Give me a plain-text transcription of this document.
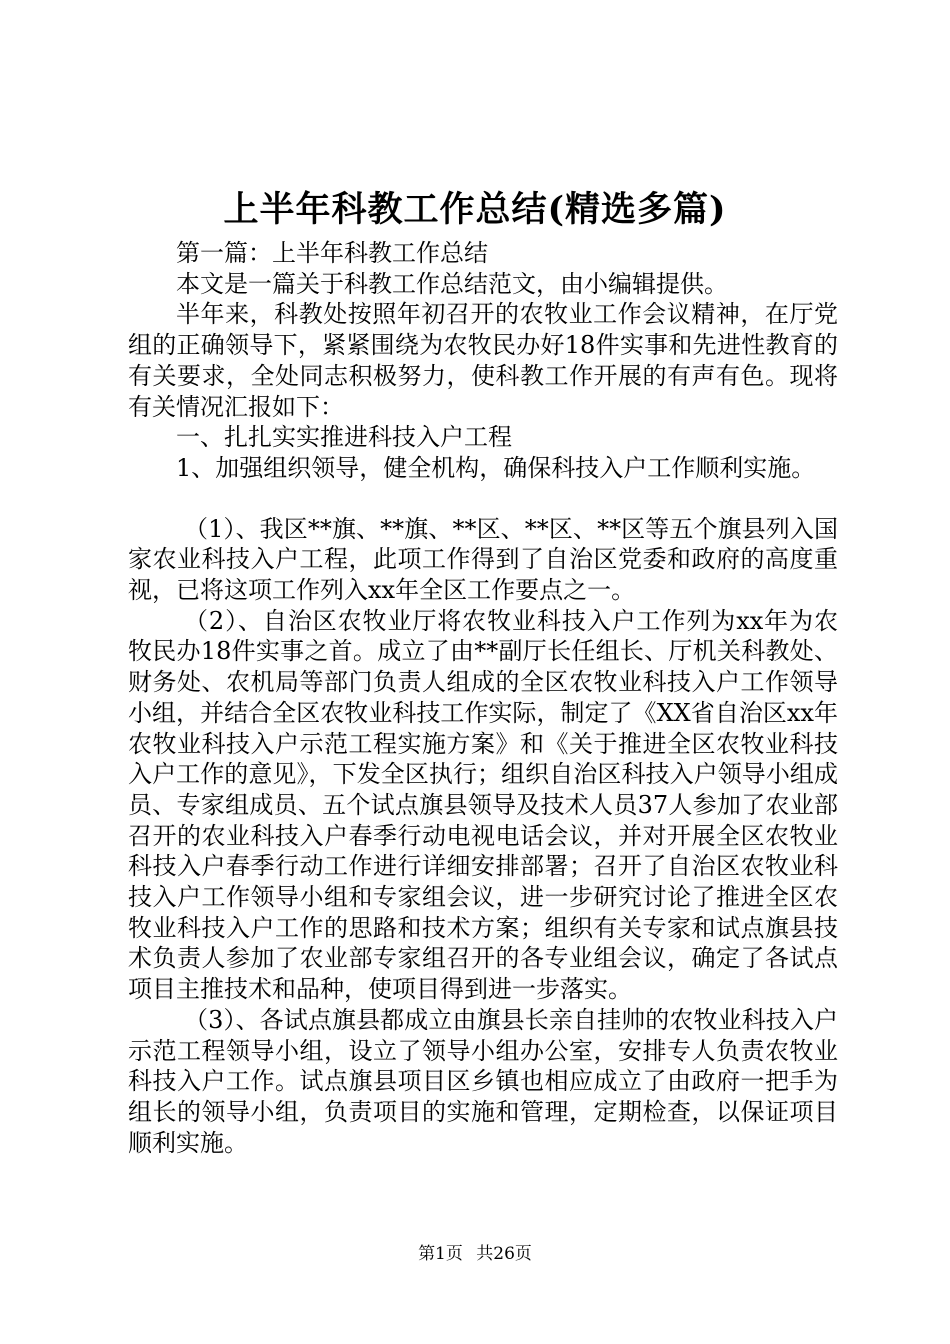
上半年科教工作总结(精选多篇)

第一篇：上半年科教工作总结

本文是一篇关于科教工作总结范文，由小编辑提供。

半年来，科教处按照年初召开的农牧业工作会议精神，在厅党组的正确领导下，紧紧围绕为农牧民办好18件实事和先进性教育的有关要求，全处同志积极努力，使科教工作开展的有声有色。现将有关情况汇报如下：

一、扎扎实实推进科技入户工程

1、加强组织领导，健全机构，确保科技入户工作顺利实施。

（1）、我区**旗、**旗、**区、**区、**区等五个旗县列入国家农业科技入户工程，此项工作得到了自治区党委和政府的高度重视，已将这项工作列入xx年全区工作要点之一。

（2）、自治区农牧业厅将农牧业科技入户工作列为xx年为农牧民办18件实事之首。成立了由**副厅长任组长、厅机关科教处、财务处、农机局等部门负责人组成的全区农牧业科技入户工作领导小组，并结合全区农牧业科技工作实际，制定了《XX省自治区xx年农牧业科技入户示范工程实施方案》和《关于推进全区农牧业科技入户工作的意见》，下发全区执行；组织自治区科技入户领导小组成员、专家组成员、五个试点旗县领导及技术人员37人参加了农业部召开的农业科技入户春季行动电视电话会议，并对开展全区农牧业科技入户春季行动工作进行详细安排部署；召开了自治区农牧业科技入户工作领导小组和专家组会议，进一步研究讨论了推进全区农牧业科技入户工作的思路和技术方案；组织有关专家和试点旗县技术负责人参加了农业部专家组召开的各专业组会议，确定了各试点项目主推技术和品种，使项目得到进一步落实。

（3）、各试点旗县都成立由旗县长亲自挂帅的农牧业科技入户示范工程领导小组，设立了领导小组办公室，安排专人负责农牧业科技入户工作。试点旗县项目区乡镇也相应成立了由政府一把手为组长的领导小组，负责项目的实施和管理，定期检查，以保证项目顺利实施。

第1页 共26页
